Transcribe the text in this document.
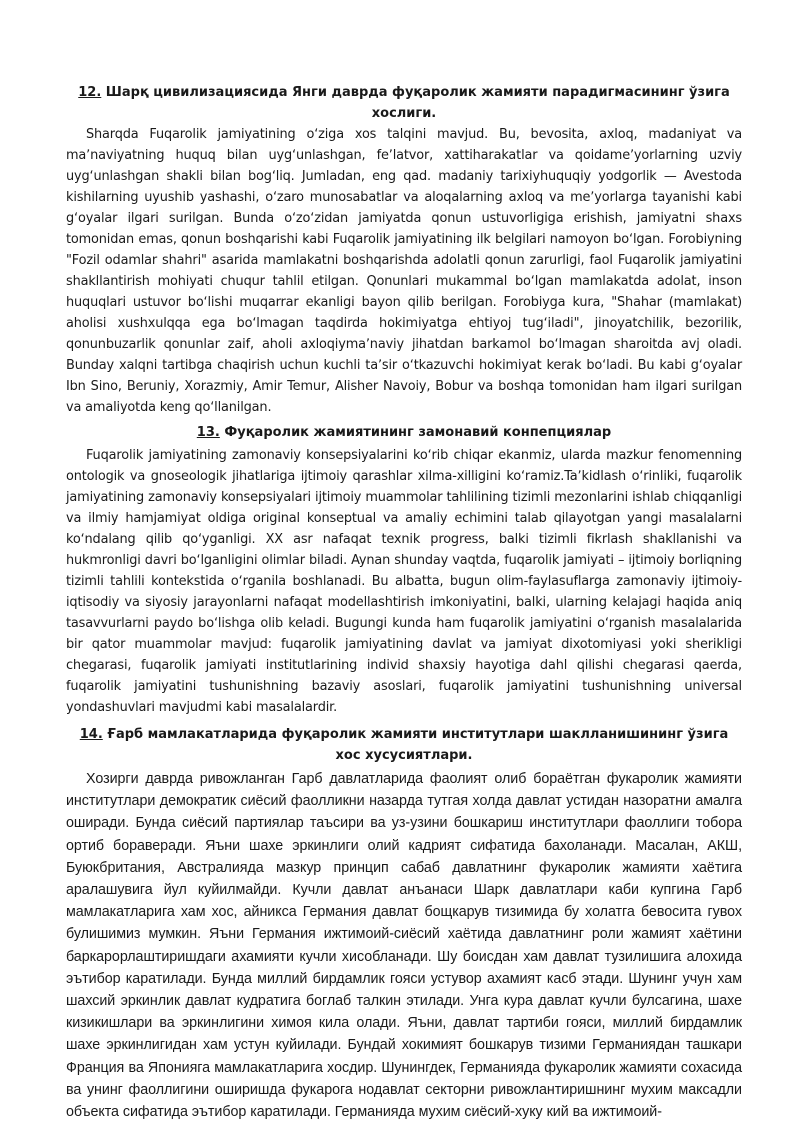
12. Шарқ цивилизациясида Янги даврда фуқаролик жамияти парадигмасининг ўзига хослиги.

Sharqda Fuqarolik jamiyatining oʻziga xos talqini mavjud. Bu, bevosita, axloq, madaniyat va maʼnaviyatning huquq bilan uygʻunlashgan, feʼlatvor, xattiharakatlar va qoidameʼyorlarning uzviy uygʻunlashgan shakli bilan bogʻliq. Jumladan, eng qad. madaniy tarixiyhuquqiy yodgorlik — Avestoda kishilarning uyushib yashashi, oʻzaro munosabatlar va aloqalarning axloq va meʼyorlarga tayanishi kabi gʻoyalar ilgari surilgan. Bunda oʻzoʻzidan jamiyatda qonun ustuvorligiga erishish, jamiyatni shaxs tomonidan emas, qonun boshqarishi kabi Fuqarolik jamiyatining ilk belgilari namoyon boʻlgan. Forobiyning "Fozil odamlar shahri" asarida mamlakatni boshqarishda adolatli qonun zarurligi, faol Fuqarolik jamiyatini shakllantirish mohiyati chuqur tahlil etilgan. Qonunlari mukammal boʻlgan mamlakatda adolat, inson huquqlari ustuvor boʻlishi muqarrar ekanligi bayon qilib berilgan. Forobiyga kura, "Shahar (mamlakat) aholisi xushxulqqa ega boʻlmagan taqdirda hokimiyatga ehtiyoj tugʻiladi", jinoyatchilik, bezorilik, qonunbuzarlik qonunlar zaif, aholi axloqiymaʼnaviy jihatdan barkamol boʻlmagan sharoitda avj oladi. Bunday xalqni tartibga chaqirish uchun kuchli taʼsir oʻtkazuvchi hokimiyat kerak boʻladi. Bu kabi gʻoyalar Ibn Sino, Beruniy, Xorazmiy, Amir Temur, Alisher Navoiy, Bobur va boshqa tomonidan ham ilgari surilgan va amaliyotda keng qoʻllanilgan.

13. Фуқаролик жамиятининг замонавий конпепциялар

Fuqarolik jamiyatining zamonaviy konsepsiyalarini koʻrib chiqar ekanmiz, ularda mazkur fenomenning ontologik va gnoseologik jihatlariga ijtimoiy qarashlar xilma-xilligini koʻramiz.Taʼkidlash oʻrinliki, fuqarolik jamiyatining zamonaviy konsepsiyalari ijtimoiy muammolar tahlilining tizimli mezonlarini ishlab chiqqanligi va ilmiy hamjamiyat oldiga original konseptual va amaliy echimini talab qilayotgan yangi masalalarni koʻndalang qilib qoʻyganligi. XX asr nafaqat texnik progress, balki tizimli fikrlash shakllanishi va hukmronligi davri boʻlganligini olimlar biladi. Aynan shunday vaqtda, fuqarolik jamiyati – ijtimoiy borliqning tizimli tahlili kontekstida oʻrganila boshlanadi. Bu albatta, bugun olim-faylasuflarga zamonaviy ijtimoiy- iqtisodiy va siyosiy jarayonlarni nafaqat modellashtirish imkoniyatini, balki, ularning kelajagi haqida aniq tasavvurlarni paydo boʻlishga olib keladi. Bugungi kunda ham fuqarolik jamiyatini oʻrganish masalalarida bir qator muammolar mavjud: fuqarolik jamiyatining davlat va jamiyat dixotomiyasi yoki sherikligi chegarasi, fuqarolik jamiyati institutlarining individ shaxsiy hayotiga dahl qilishi chegarasi qaerda, fuqarolik jamiyatini tushunishning bazaviy asoslari, fuqarolik jamiyatini tushunishning universal yondashuvlari mavjudmi kabi masalalardir.

14. Ғарб мамлакатларида фуқаролик жамияти институтлари шаклланишининг ўзига хос хусусиятлари.

Хозирги даврда ривожланган Гарб давлатларида фаолият олиб бораётган фукаролик жамияти институтлари демократик сиёсий фаолликни назарда тутгая холда давлат устидан назоратни амалга оширади. Бунда сиёсий партиялар таъсири ва уз-узини бошкариш институтлари фаоллиги тобора ортиб бораверади. Яъни шахе эркинлиги олий кадрият сифатида бахоланади. Масалан, АКШ, Буюкбритания, Австралияда мазкур принцип сабаб давлатнинг фукаролик жамияти хаётига аралашувига йул куйилмайди. Кучли давлат анъанаси Шарк давлатлари каби купгина Гарб мамлакатларига хам хос, айникса Германия давлат бощкарув тизимида бу холатга бевосита гувох булишимиз мумкин. Яъни Германия ижтимоий-сиёсий хаётида давлатнинг роли жамият хаётини баркарорлаштиришдаги ахамияти кучли хисобланади. Шу боисдан хам давлат тузилишига алохида эътибор каратилади. Бунда миллий бирдамлик гояси устувор ахамият касб этади. Шунинг учун хам шахсий эркинлик давлат кудратига боглаб талкин этилади. Унга кура давлат кучли булсагина, шахе кизикишлари ва эркинлигини химоя кила олади. Яъни, давлат тартиби гояси, миллий бирдамлик шахе эркинлигидан хам устун куйилади. Бундай хокимият бошкарув тизими Германиядан ташкари Франция ва Японияга мамлакатларига хосдир. Шунингдек, Германияда фукаролик жамияти сохасида ва унинг фаоллигини оширишда фукарога нодавлат секторни ривожлантиришнинг мухим максадли объекта сифатида эътибор каратилади. Германияда мухим сиёсий-хуку кий ва ижтимоий-
